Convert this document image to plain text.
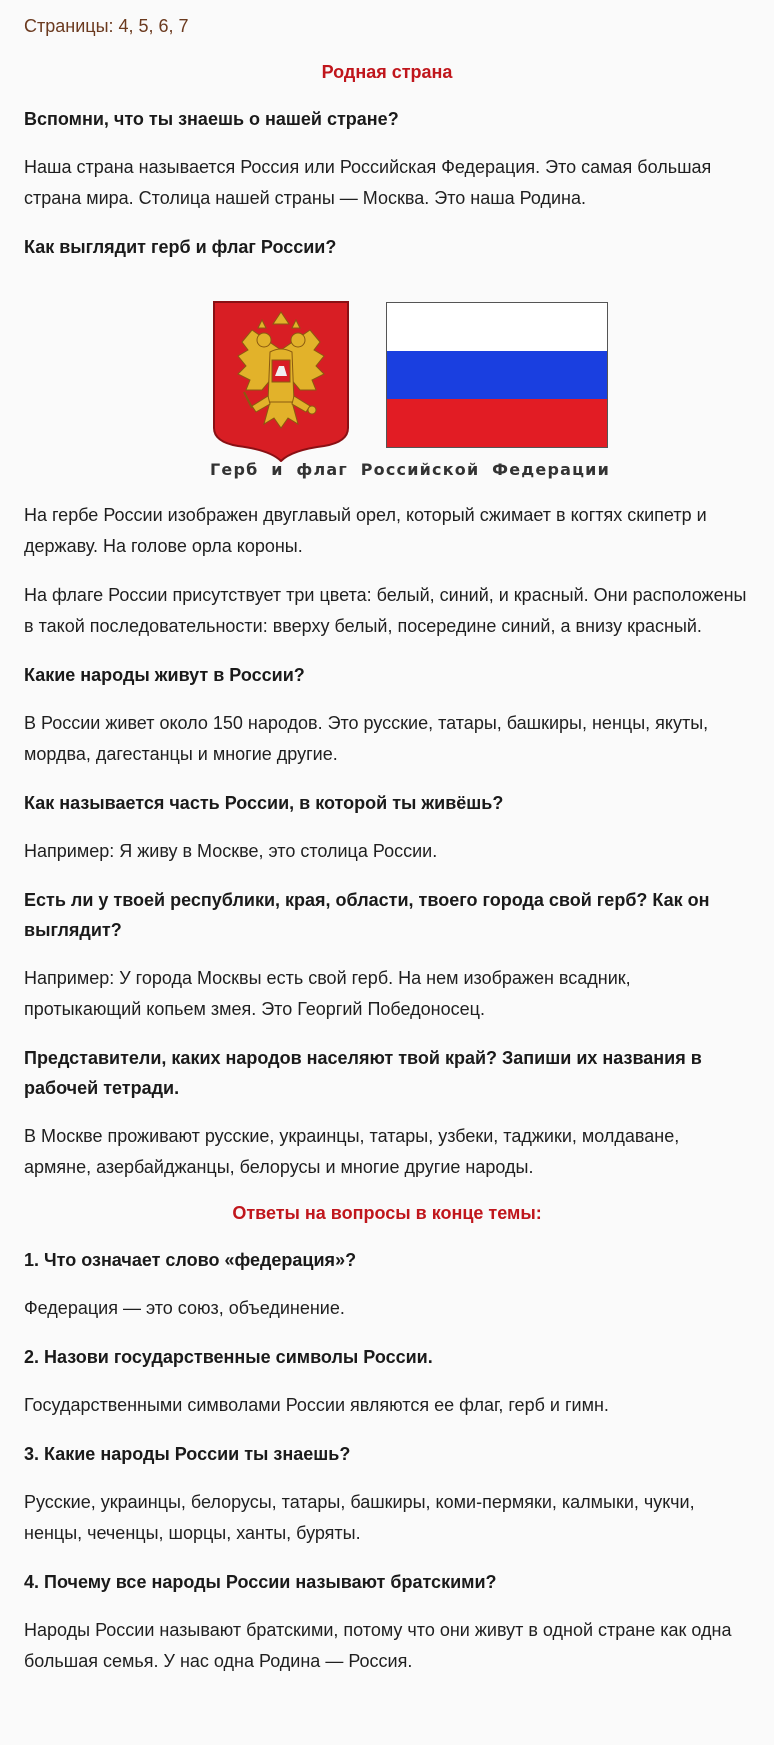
Страницы: 4, 5, 6, 7
Родная страна
Вспомни, что ты знаешь о нашей стране?
Наша страна называется Россия или Российская Федерация. Это самая большая страна мира. Столица нашей страны — Москва. Это наша Родина.
Как выглядит герб и флаг России?
Герб и флаг Российской Федерации
На гербе России изображен двуглавый орел, который сжимает в когтях скипетр и державу. На голове орла короны.
На флаге России присутствует три цвета: белый, синий, и красный. Они расположены в такой последовательности: вверху белый, посередине синий, а внизу красный.
Какие народы живут в России?
В России живет около 150 народов. Это русские, татары, башкиры, ненцы, якуты, мордва, дагестанцы и многие другие.
Как называется часть России, в которой ты живёшь?
Например: Я живу в Москве, это столица России.
Есть ли у твоей республики, края, области, твоего города свой герб? Как он выглядит?
Например: У города Москвы есть свой герб. На нем изображен всадник, протыкающий копьем змея. Это Георгий Победоносец.
Представители, каких народов населяют твой край? Запиши их названия в рабочей тетради.
В Москве проживают русские, украинцы, татары, узбеки, таджики, молдаване, армяне, азербайджанцы, белорусы и многие другие народы.
Ответы на вопросы в конце темы:
1. Что означает слово «федерация»?
Федерация — это союз, объединение.
2. Назови государственные символы России.
Государственными символами России являются ее флаг, герб и гимн.
3. Какие народы России ты знаешь?
Русские, украинцы, белорусы, татары, башкиры, коми-пермяки, калмыки, чукчи, ненцы, чеченцы, шорцы, ханты, буряты.
4. Почему все народы России называют братскими?
Народы России называют братскими, потому что они живут в одной стране как одна большая семья. У нас одна Родина — Россия.
